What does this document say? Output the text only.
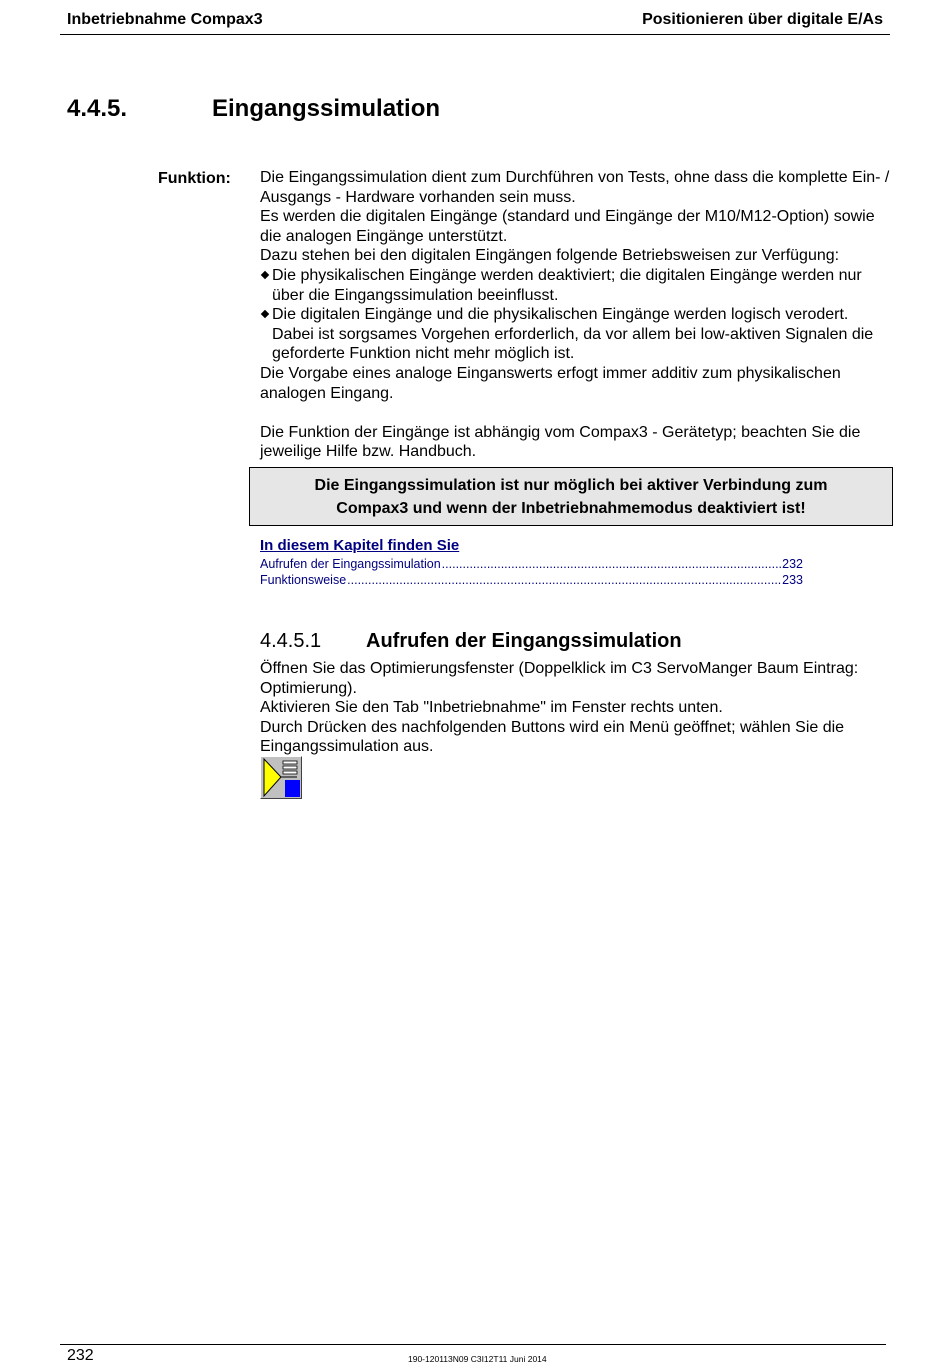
Inbetriebnahme Compax3	Positionieren über digitale E/As
4.4.5.	Eingangssimulation
Funktion: Die Eingangssimulation dient zum Durchführen von Tests, ohne dass die komplette Ein- / Ausgangs - Hardware vorhanden sein muss.

Es werden die digitalen Eingänge (standard und Eingänge der M10/M12-Option) sowie die analogen Eingänge unterstützt.

Dazu stehen bei den digitalen Eingängen folgende Betriebsweisen zur Verfügung:

Die physikalischen Eingänge werden deaktiviert; die digitalen Eingänge werden nur über die Eingangssimulation beeinflusst.
Die digitalen Eingänge und die physikalischen Eingänge werden logisch verodert. Dabei ist sorgsames Vorgehen erforderlich, da vor allem bei low-aktiven Signalen die geforderte Funktion nicht mehr möglich ist.

Die Vorgabe eines analoge Einganswerts erfogt immer additiv zum physikalischen analogen Eingang.

Die Funktion der Eingänge ist abhängig vom Compax3 - Gerätetyp; beachten Sie die jeweilige Hilfe bzw. Handbuch.

Die Eingangssimulation ist nur möglich bei aktiver Verbindung zum
Compax3 und wenn der Inbetriebnahmemodus deaktiviert ist!
In diesem Kapitel finden Sie
Aufrufen der Eingangssimulation .....	232
Funktionsweise .....	233
4.4.5.1 Aufrufen der Eingangssimulation

Öffnen Sie das Optimierungsfenster (Doppelklick im C3 ServoManger Baum Eintrag: Optimierung).

Aktivieren Sie den Tab "Inbetriebnahme" im Fenster rechts unten.

Durch Drücken des nachfolgenden Buttons wird ein Menü geöffnet; wählen Sie die Eingangssimulation aus.

232	190-120113N09 C3I12T11 Juni 2014
